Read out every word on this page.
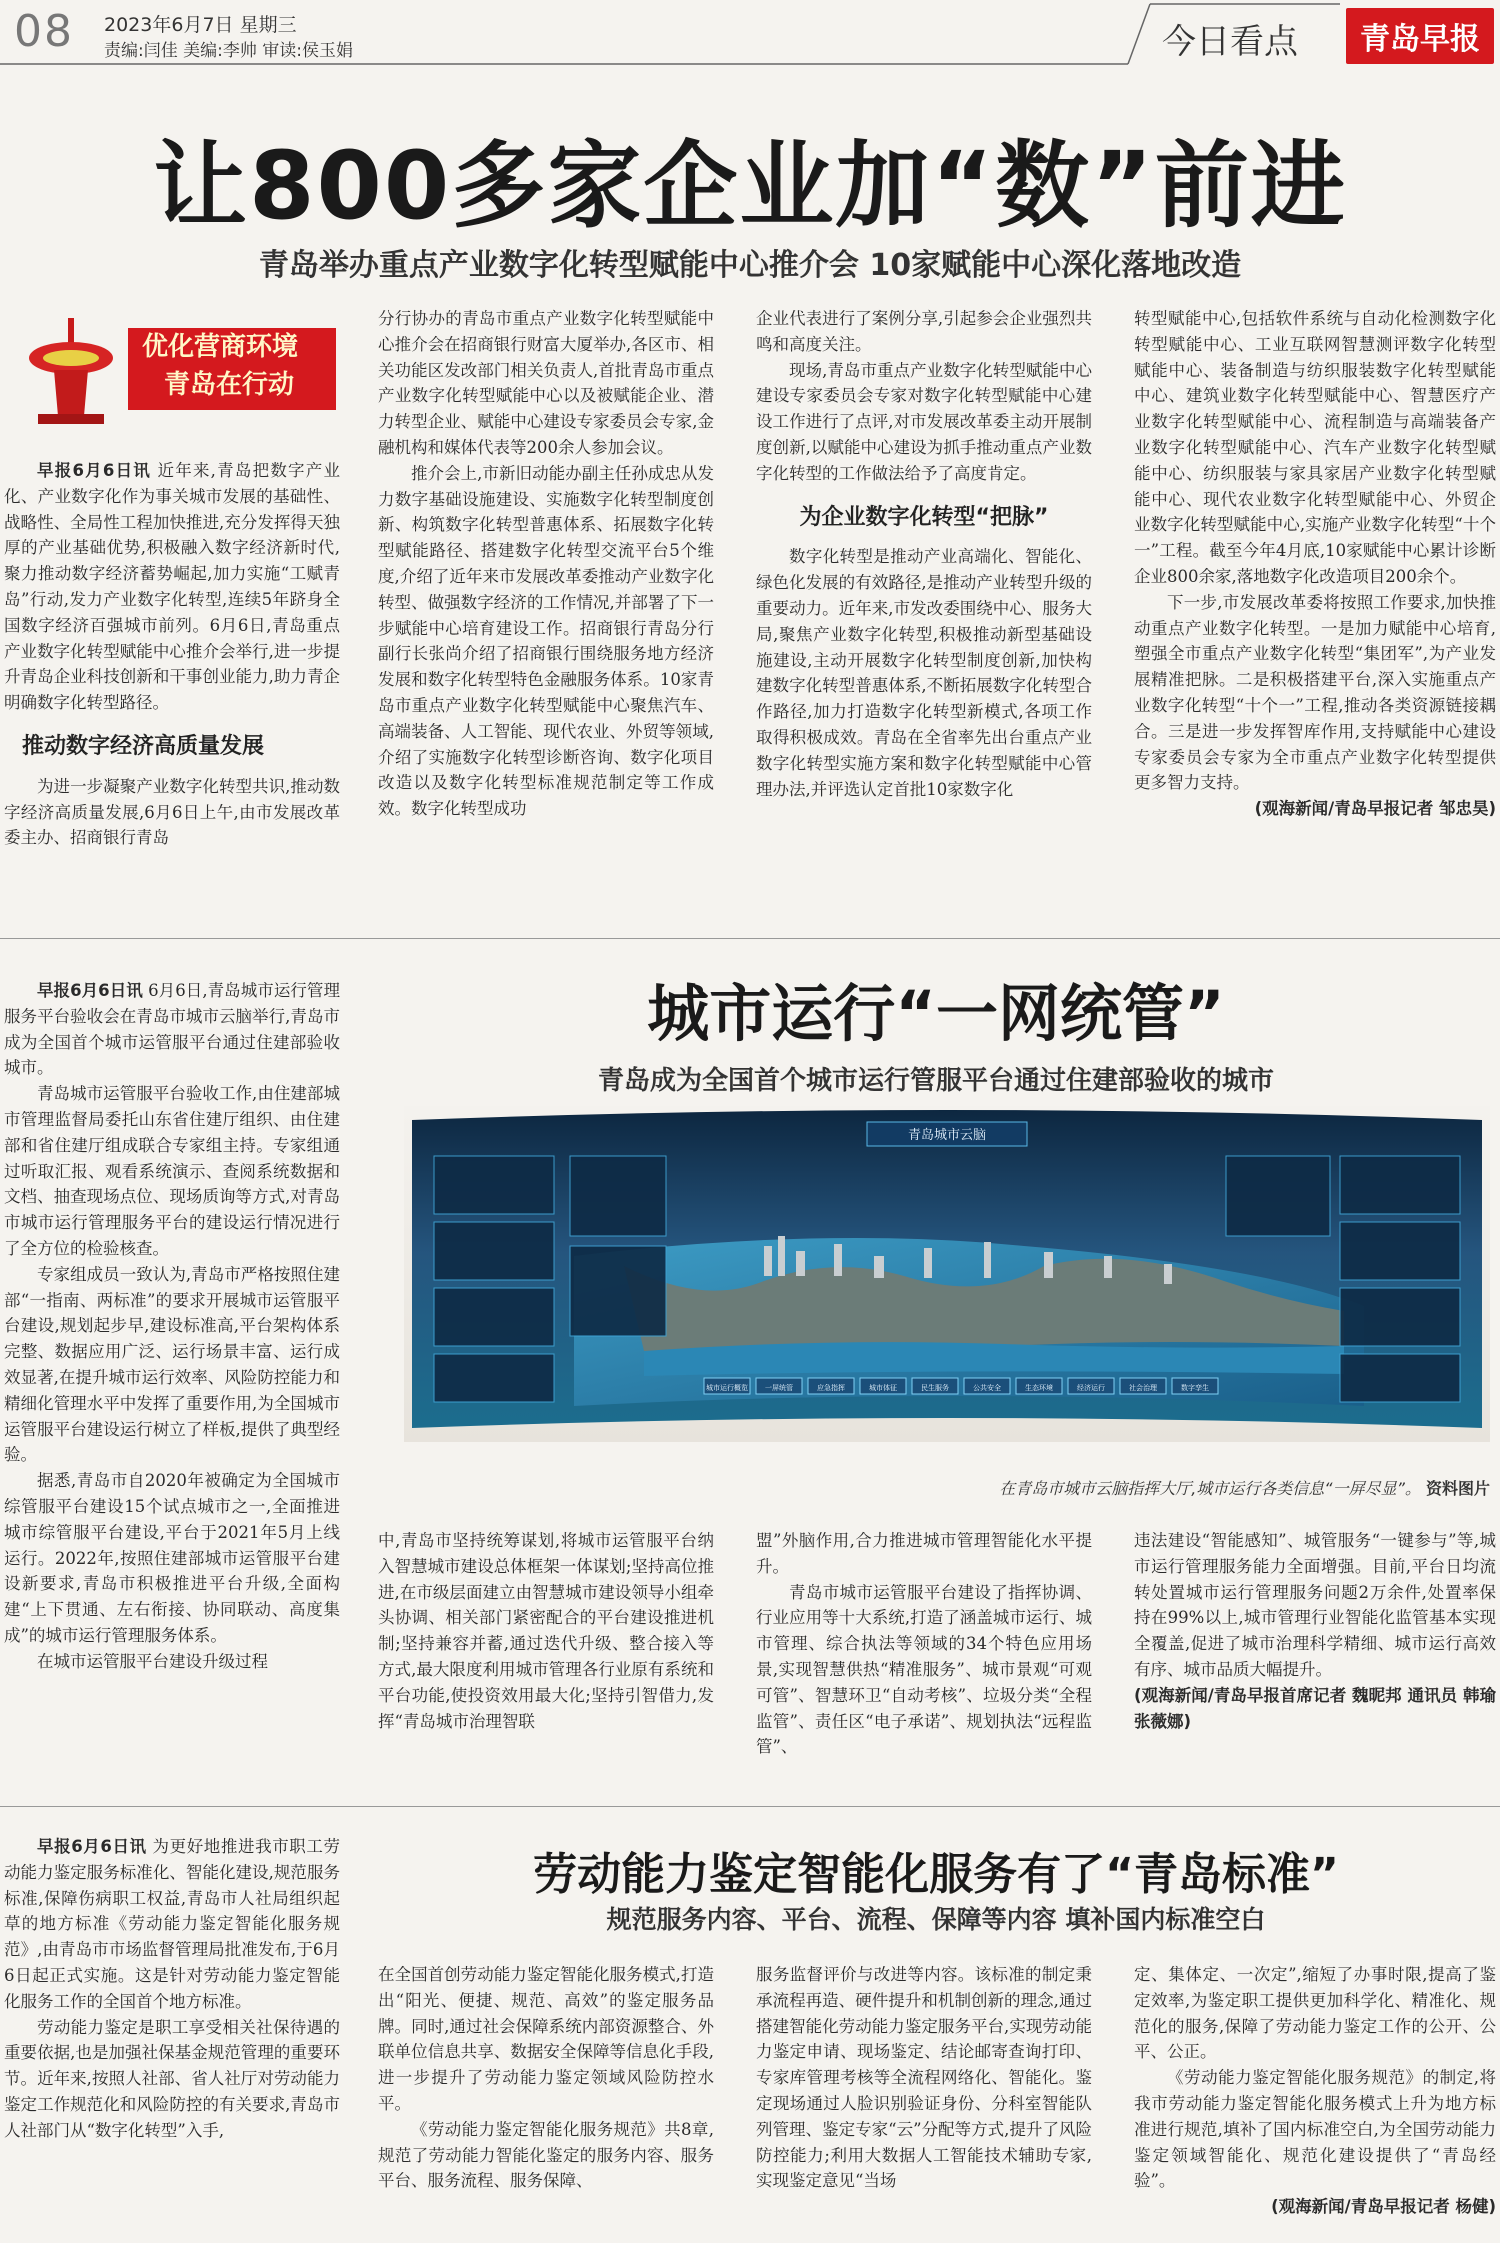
08 2023年6月7日 星期三
责编:闫佳 美编:李帅 审读:侯玉娟	今日看点 青岛早报
让800多家企业加“数”前进
青岛举办重点产业数字化转型赋能中心推介会 10家赋能中心深化落地改造
优化营商环境
青岛在行动

早报6月6日讯 近年来,青岛把数字产业化、产业数字化作为事关城市发展的基础性、战略性、全局性工程加快推进,充分发挥得天独厚的产业基础优势,积极融入数字经济新时代,聚力推动数字经济蓄势崛起,加力实施“工赋青岛”行动,发力产业数字化转型,连续5年跻身全国数字经济百强城市前列。6月6日,青岛重点产业数字化转型赋能中心推介会举行,进一步提升青岛企业科技创新和干事创业能力,助力青企明确数字化转型路径。

推动数字经济高质量发展

为进一步凝聚产业数字化转型共识,推动数字经济高质量发展,6月6日上午,由市发展改革委主办、招商银行青岛

分行协办的青岛市重点产业数字化转型赋能中心推介会在招商银行财富大厦举办,各区市、相关功能区发改部门相关负责人,首批青岛市重点产业数字化转型赋能中心以及被赋能企业、潜力转型企业、赋能中心建设专家委员会专家,金融机构和媒体代表等200余人参加会议。

推介会上,市新旧动能办副主任孙成忠从发力数字基础设施建设、实施数字化转型制度创新、构筑数字化转型普惠体系、拓展数字化转型赋能路径、搭建数字化转型交流平台5个维度,介绍了近年来市发展改革委推动产业数字化转型、做强数字经济的工作情况,并部署了下一步赋能中心培育建设工作。招商银行青岛分行副行长张尚介绍了招商银行围绕服务地方经济发展和数字化转型特色金融服务体系。10家青岛市重点产业数字化转型赋能中心聚焦汽车、高端装备、人工智能、现代农业、外贸等领域,介绍了实施数字化转型诊断咨询、数字化项目改造以及数字化转型标准规范制定等工作成效。数字化转型成功

企业代表进行了案例分享,引起参会企业强烈共鸣和高度关注。

现场,青岛市重点产业数字化转型赋能中心建设专家委员会专家对数字化转型赋能中心建设工作进行了点评,对市发展改革委主动开展制度创新,以赋能中心建设为抓手推动重点产业数字化转型的工作做法给予了高度肯定。

为企业数字化转型“把脉”

数字化转型是推动产业高端化、智能化、绿色化发展的有效路径,是推动产业转型升级的重要动力。近年来,市发改委围绕中心、服务大局,聚焦产业数字化转型,积极推动新型基础设施建设,主动开展数字化转型制度创新,加快构建数字化转型普惠体系,不断拓展数字化转型合作路径,加力打造数字化转型新模式,各项工作取得积极成效。青岛在全省率先出台重点产业数字化转型实施方案和数字化转型赋能中心管理办法,并评选认定首批10家数字化

转型赋能中心,包括软件系统与自动化检测数字化转型赋能中心、工业互联网智慧测评数字化转型赋能中心、装备制造与纺织服装数字化转型赋能中心、建筑业数字化转型赋能中心、智慧医疗产业数字化转型赋能中心、流程制造与高端装备产业数字化转型赋能中心、汽车产业数字化转型赋能中心、纺织服装与家具家居产业数字化转型赋能中心、现代农业数字化转型赋能中心、外贸企业数字化转型赋能中心,实施产业数字化转型“十个一”工程。截至今年4月底,10家赋能中心累计诊断企业800余家,落地数字化改造项目200余个。

下一步,市发展改革委将按照工作要求,加快推动重点产业数字化转型。一是加力赋能中心培育,塑强全市重点产业数字化转型“集团军”,为产业发展精准把脉。二是积极搭建平台,深入实施重点产业数字化转型“十个一”工程,推动各类资源链接耦合。三是进一步发挥智库作用,支持赋能中心建设专家委员会专家为全市重点产业数字化转型提供更多智力支持。

(观海新闻/青岛早报记者 邹忠昊)

早报6月6日讯 6月6日,青岛城市运行管理服务平台验收会在青岛市城市云脑举行,青岛市成为全国首个城市运管服平台通过住建部验收城市。

青岛城市运管服平台验收工作,由住建部城市管理监督局委托山东省住建厅组织、由住建部和省住建厅组成联合专家组主持。专家组通过听取汇报、观看系统演示、查阅系统数据和文档、抽查现场点位、现场质询等方式,对青岛市城市运行管理服务平台的建设运行情况进行了全方位的检验核查。

专家组成员一致认为,青岛市严格按照住建部“一指南、两标准”的要求开展城市运管服平台建设,规划起步早,建设标准高,平台架构体系完整、数据应用广泛、运行场景丰富、运行成效显著,在提升城市运行效率、风险防控能力和精细化管理水平中发挥了重要作用,为全国城市运管服平台建设运行树立了样板,提供了典型经验。

据悉,青岛市自2020年被确定为全国城市综管服平台建设15个试点城市之一,全面推进城市综管服平台建设,平台于2021年5月上线运行。2022年,按照住建部城市运管服平台建设新要求,青岛市积极推进平台升级,全面构建“上下贯通、左右衔接、协同联动、高度集成”的城市运行管理服务体系。

在城市运管服平台建设升级过程

城市运行“一网统管”
青岛成为全国首个城市运行管服平台通过住建部验收的城市
青岛城市云脑
城市运行概览 一屏统管	应急指挥	城市体征	民生服务	公共安全	生态环境	经济运行	社会治理	数字孪生
在青岛市城市云脑指挥大厅,城市运行各类信息“一屏尽显”。 资料图片

中,青岛市坚持统筹谋划,将城市运管服平台纳入智慧城市建设总体框架一体谋划;坚持高位推进,在市级层面建立由智慧城市建设领导小组牵头协调、相关部门紧密配合的平台建设推进机制;坚持兼容并蓄,通过迭代升级、整合接入等方式,最大限度利用城市管理各行业原有系统和平台功能,使投资效用最大化;坚持引智借力,发挥“青岛城市治理智联

盟”外脑作用,合力推进城市管理智能化水平提升。

青岛市城市运管服平台建设了指挥协调、行业应用等十大系统,打造了涵盖城市运行、城市管理、综合执法等领域的34个特色应用场景,实现智慧供热“精准服务”、城市景观“可观可管”、智慧环卫“自动考核”、垃圾分类“全程监管”、责任区“电子承诺”、规划执法“远程监管”、

违法建设“智能感知”、城管服务“一键参与”等,城市运行管理服务能力全面增强。目前,平台日均流转处置城市运行管理服务问题2万余件,处置率保持在99%以上,城市管理行业智能化监管基本实现全覆盖,促进了城市治理科学精细、城市运行高效有序、城市品质大幅提升。

(观海新闻/青岛早报首席记者 魏昵邦 通讯员 韩瑜 张薇娜)

早报6月6日讯 为更好地推进我市职工劳动能力鉴定服务标准化、智能化建设,规范服务标准,保障伤病职工权益,青岛市人社局组织起草的地方标准《劳动能力鉴定智能化服务规范》,由青岛市市场监督管理局批准发布,于6月6日起正式实施。这是针对劳动能力鉴定智能化服务工作的全国首个地方标准。

劳动能力鉴定是职工享受相关社保待遇的重要依据,也是加强社保基金规范管理的重要环节。近年来,按照人社部、省人社厅对劳动能力鉴定工作规范化和风险防控的有关要求,青岛市人社部门从“数字化转型”入手,

劳动能力鉴定智能化服务有了“青岛标准”
规范服务内容、平台、流程、保障等内容 填补国内标准空白

在全国首创劳动能力鉴定智能化服务模式,打造出“阳光、便捷、规范、高效”的鉴定服务品牌。同时,通过社会保障系统内部资源整合、外联单位信息共享、数据安全保障等信息化手段,进一步提升了劳动能力鉴定领域风险防控水平。

《劳动能力鉴定智能化服务规范》共8章,规范了劳动能力智能化鉴定的服务内容、服务平台、服务流程、服务保障、

服务监督评价与改进等内容。该标准的制定秉承流程再造、硬件提升和机制创新的理念,通过搭建智能化劳动能力鉴定服务平台,实现劳动能力鉴定申请、现场鉴定、结论邮寄查询打印、专家库管理考核等全流程网络化、智能化。鉴定现场通过人脸识别验证身份、分科室智能队列管理、鉴定专家“云”分配等方式,提升了风险防控能力;利用大数据人工智能技术辅助专家,实现鉴定意见“当场

定、集体定、一次定”,缩短了办事时限,提高了鉴定效率,为鉴定职工提供更加科学化、精准化、规范化的服务,保障了劳动能力鉴定工作的公开、公平、公正。

《劳动能力鉴定智能化服务规范》的制定,将我市劳动能力鉴定智能化服务模式上升为地方标准进行规范,填补了国内标准空白,为全国劳动能力鉴定领域智能化、规范化建设提供了“青岛经验”。

(观海新闻/青岛早报记者 杨健)
